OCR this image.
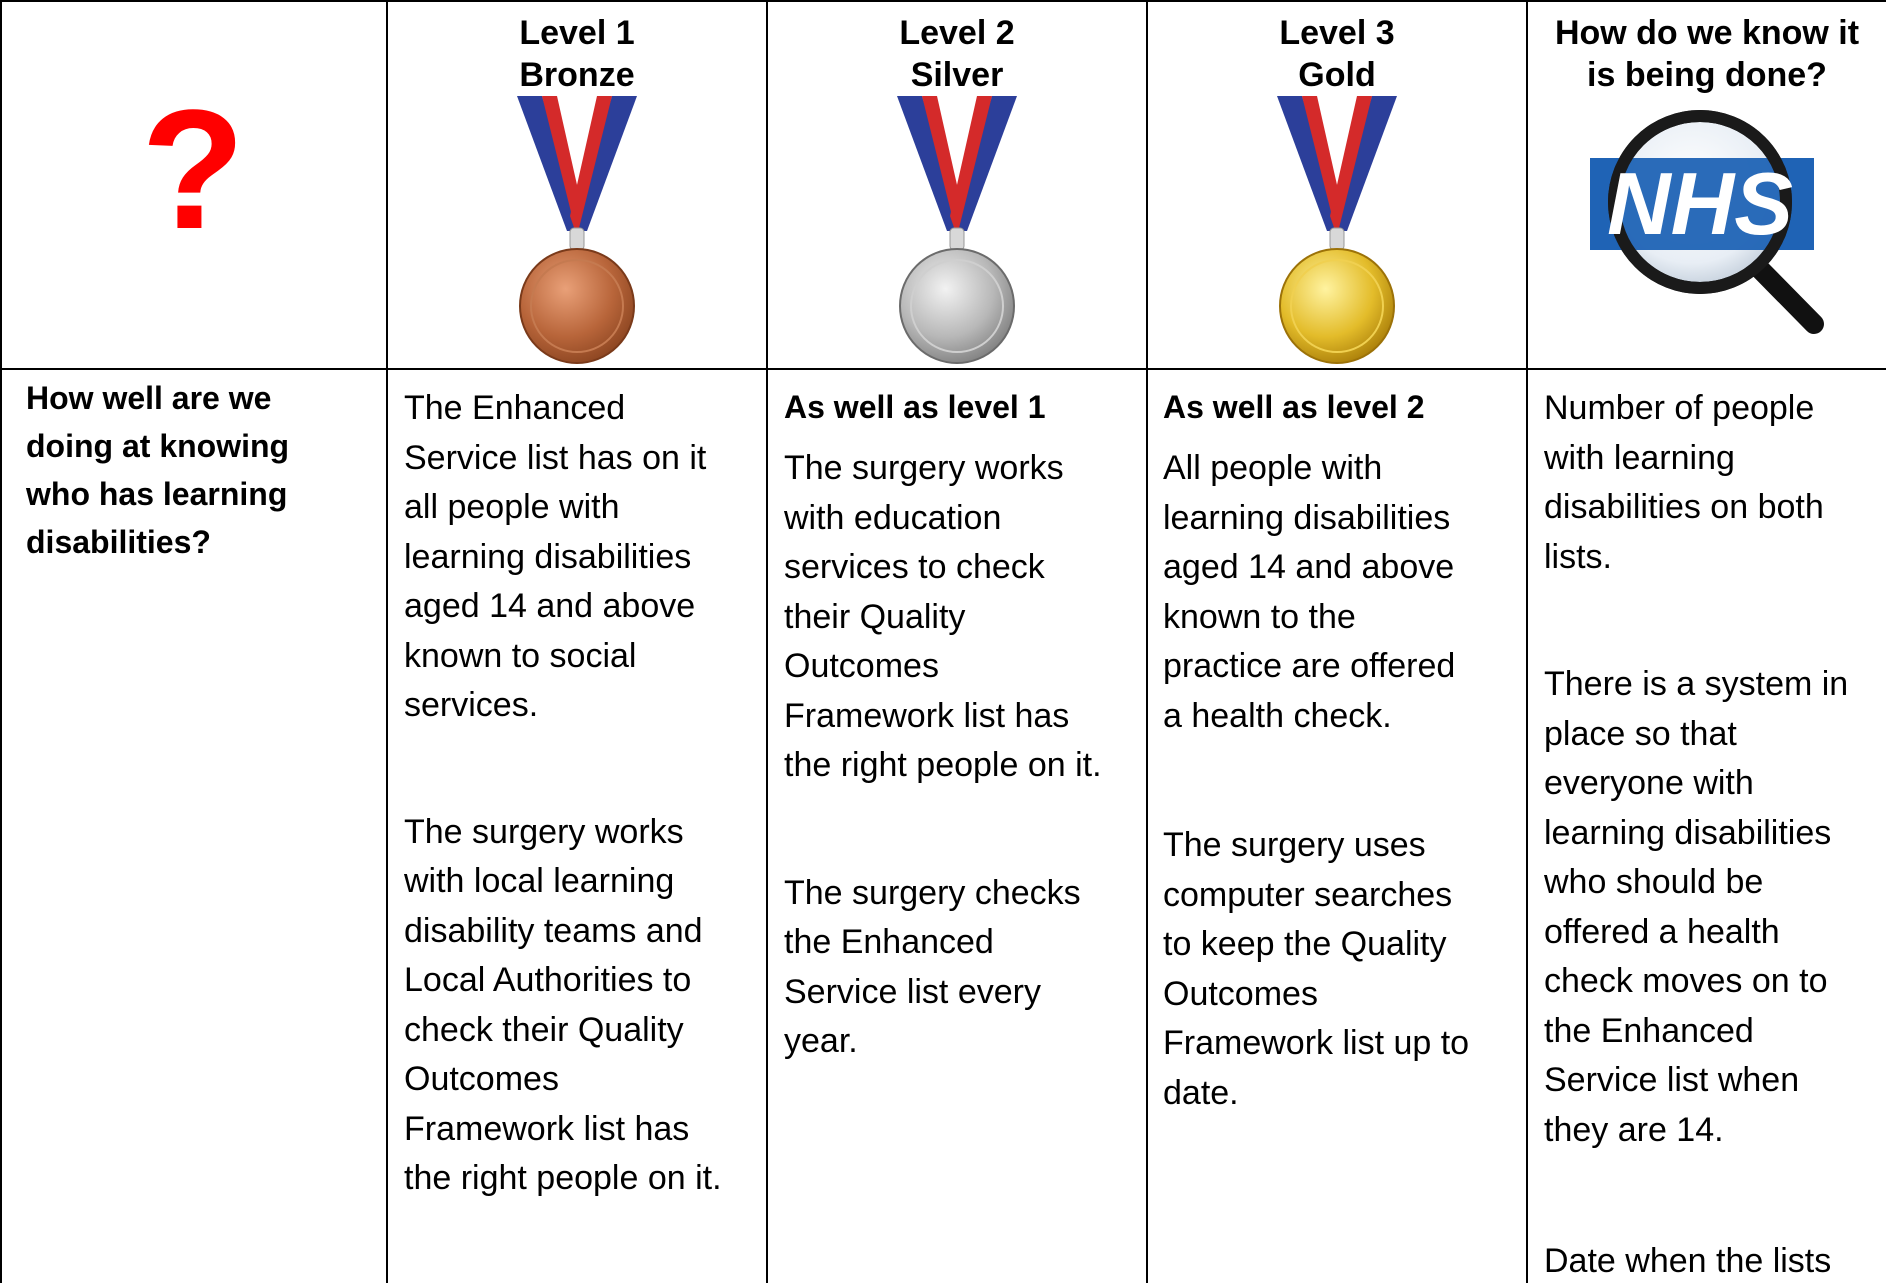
?
Level 1
Bronze
Level 2
Silver
Level 3
Gold
How do we know it
is being done?
NHS
How well are we
doing at knowing
who has learning
disabilities?

The Enhanced
Service list has on it
all people with
learning disabilities
aged 14 and above
known to social
services.

The surgery works
with local learning
disability teams and
Local Authorities to
check their Quality
Outcomes
Framework list has
the right people on it.

As well as level 1

The surgery works
with education
services to check
their Quality
Outcomes
Framework list has
the right people on it.

The surgery checks
the Enhanced
Service list every
year.

As well as level 2

All people with
learning disabilities
aged 14 and above
known to the
practice are offered
a health check.

The surgery uses
computer searches
to keep the Quality
Outcomes
Framework list up to
date.

Number of people
with learning
disabilities on both
lists.

There is a system in
place so that
everyone with
learning disabilities
who should be
offered a health
check moves on to
the Enhanced
Service list when
they are 14.

Date when the lists
